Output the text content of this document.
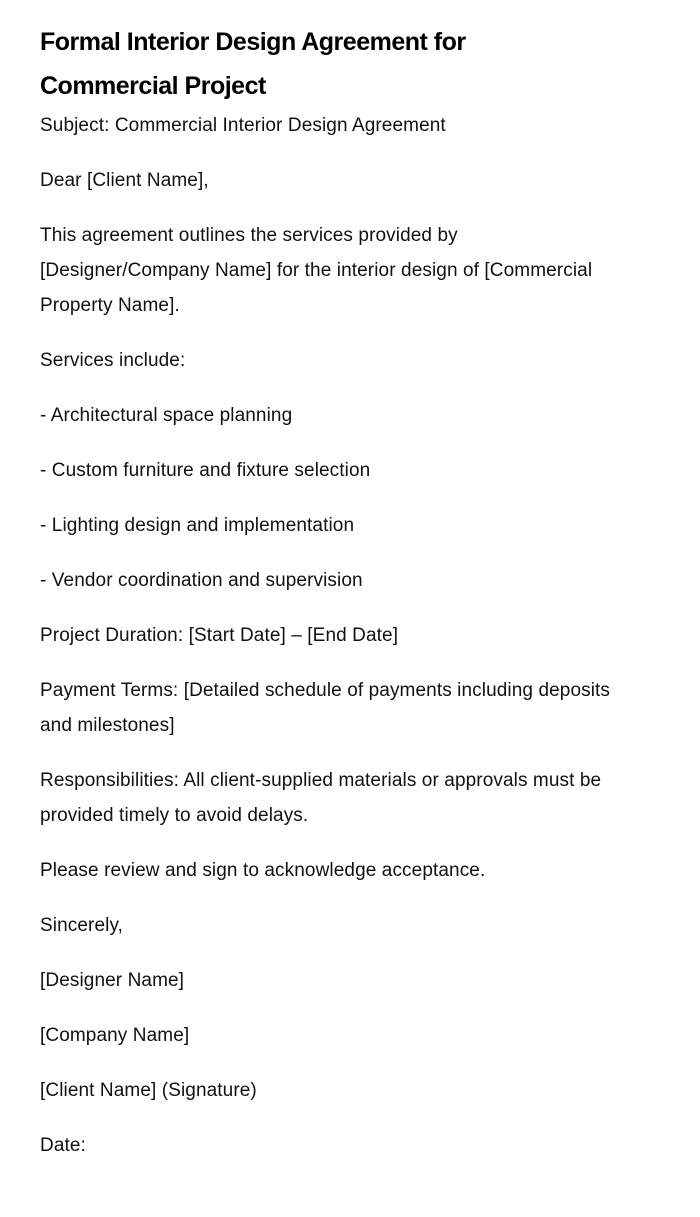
Formal Interior Design Agreement for Commercial Project

Subject: Commercial Interior Design Agreement

Dear [Client Name],

This agreement outlines the services provided by [Designer/Company Name] for the interior design of [Commercial Property Name].

Services include:

- Architectural space planning

- Custom furniture and fixture selection

- Lighting design and implementation

- Vendor coordination and supervision

Project Duration: [Start Date] – [End Date]

Payment Terms: [Detailed schedule of payments including deposits and milestones]

Responsibilities: All client-supplied materials or approvals must be provided timely to avoid delays.

Please review and sign to acknowledge acceptance.

Sincerely,

[Designer Name]

[Company Name]

[Client Name] (Signature)

Date:
